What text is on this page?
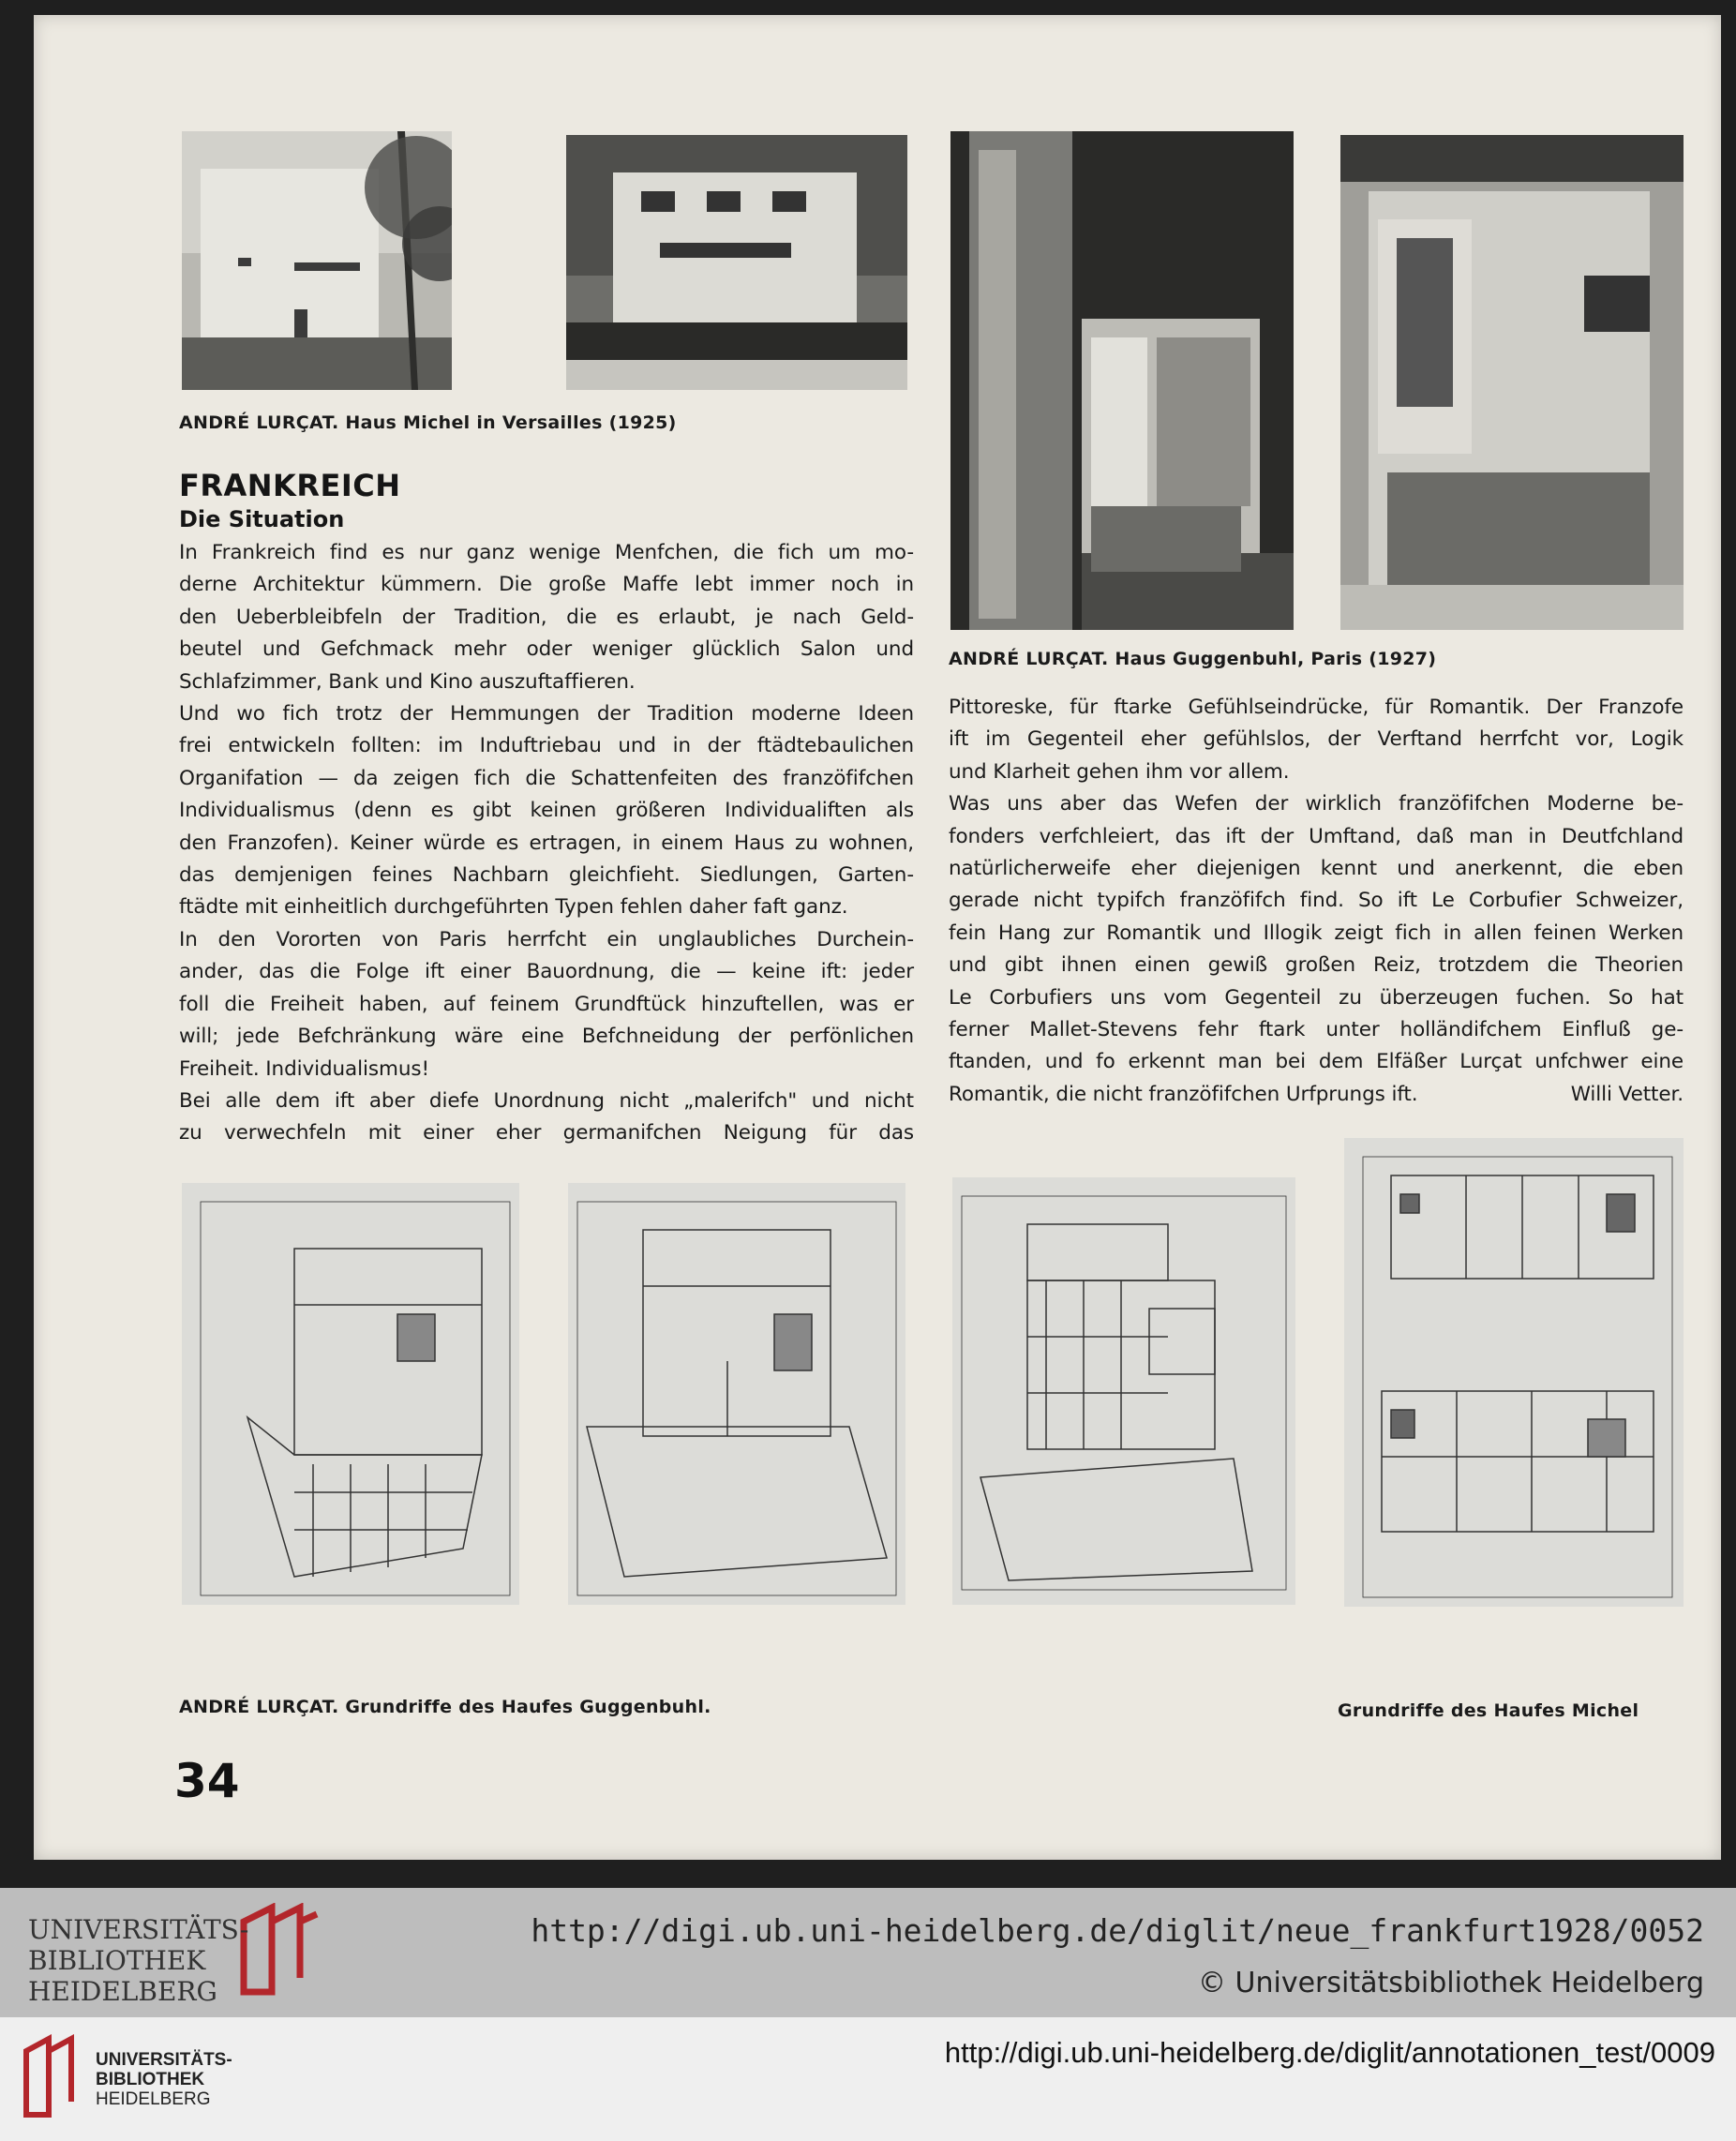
ANDRÉ LURÇAT. Haus Michel in Versailles (1925)
ANDRÉ LURÇAT. Haus Guggenbuhl, Paris (1927)
FRANKREICH
Die Situation
In Frankreich find es nur ganz wenige Menfchen, die fich um mo-
derne Architektur kümmern. Die große Maffe lebt immer noch in
den Ueberbleibfeln der Tradition, die es erlaubt, je nach Geld-
beutel und Gefchmack mehr oder weniger glücklich Salon und
Schlafzimmer, Bank und Kino auszuftaffieren.
Und wo fich trotz der Hemmungen der Tradition moderne Ideen
frei entwickeln follten: im Induftriebau und in der ftädtebaulichen
Organifation — da zeigen fich die Schattenfeiten des franzöfifchen
Individualismus (denn es gibt keinen größeren Individualiften als
den Franzofen). Keiner würde es ertragen, in einem Haus zu wohnen,
das demjenigen feines Nachbarn gleichfieht. Siedlungen, Garten-
ftädte mit einheitlich durchgeführten Typen fehlen daher faft ganz.
In den Vororten von Paris herrfcht ein unglaubliches Durchein-
ander, das die Folge ift einer Bauordnung, die — keine ift: jeder
foll die Freiheit haben, auf feinem Grundftück hinzuftellen, was er
will; jede Befchränkung wäre eine Befchneidung der perfönlichen
Freiheit. Individualismus!
Bei alle dem ift aber diefe Unordnung nicht „malerifch" und nicht
zu verwechfeln mit einer eher germanifchen Neigung für das
Pittoreske, für ftarke Gefühlseindrücke, für Romantik. Der Franzofe
ift im Gegenteil eher gefühlslos, der Verftand herrfcht vor, Logik
und Klarheit gehen ihm vor allem.
Was uns aber das Wefen der wirklich franzöfifchen Moderne be-
fonders verfchleiert, das ift der Umftand, daß man in Deutfchland
natürlicherweife eher diejenigen kennt und anerkennt, die eben
gerade nicht typifch franzöfifch find. So ift Le Corbufier Schweizer,
fein Hang zur Romantik und Illogik zeigt fich in allen feinen Werken
und gibt ihnen einen gewiß großen Reiz, trotzdem die Theorien
Le Corbufiers uns vom Gegenteil zu überzeugen fuchen. So hat
ferner Mallet-Stevens fehr ftark unter holländifchem Einfluß ge-
ftanden, und fo erkennt man bei dem Elfäßer Lurçat unfchwer eine
Romantik, die nicht franzöfifchen Urfprungs ift.	Willi Vetter.
ANDRÉ LURÇAT. Grundriffe des Haufes Guggenbuhl.	Grundriffe des Haufes Michel
34
UNIVERSITÄTS-
BIBLIOTHEK
HEIDELBERG
http://digi.ub.uni-heidelberg.de/diglit/neue_frankfurt1928/0052
© Universitätsbibliothek Heidelberg
UNIVERSITÄTS-
BIBLIOTHEK
HEIDELBERG
http://digi.ub.uni-heidelberg.de/diglit/annotationen_test/0009
